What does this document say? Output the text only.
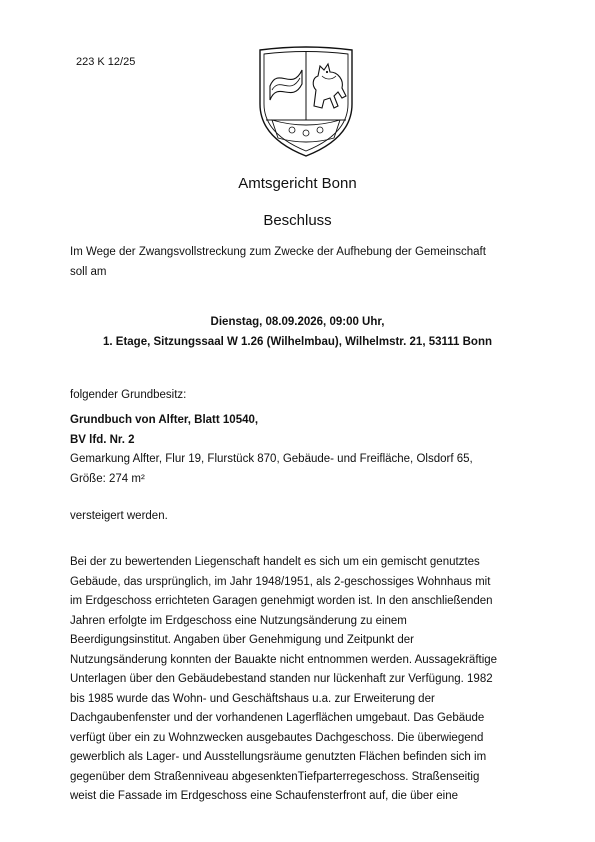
223 K 12/25
Amtsgericht Bonn
Beschluss
Im Wege der Zwangsvollstreckung zum Zwecke der Aufhebung der Gemeinschaft
soll am
Dienstag, 08.09.2026, 09:00 Uhr,
1. Etage, Sitzungssaal W 1.26 (Wilhelmbau), Wilhelmstr. 21, 53111 Bonn
folgender Grundbesitz:
Grundbuch von Alfter, Blatt 10540,
BV lfd. Nr. 2
Gemarkung Alfter, Flur 19, Flurstück 870, Gebäude- und Freifläche, Olsdorf 65,
Größe: 274 m²
versteigert werden.
Bei der zu bewertenden Liegenschaft handelt es sich um ein gemischt genutztes
Gebäude, das ursprünglich, im Jahr 1948/1951, als 2-geschossiges Wohnhaus mit
im Erdgeschoss errichteten Garagen genehmigt worden ist. In den anschließenden
Jahren erfolgte im Erdgeschoss eine Nutzungsänderung zu einem
Beerdigungsinstitut. Angaben über Genehmigung und Zeitpunkt der
Nutzungsänderung konnten der Bauakte nicht entnommen werden. Aussagekräftige
Unterlagen über den Gebäudebestand standen nur lückenhaft zur Verfügung. 1982
bis 1985 wurde das Wohn- und Geschäftshaus u.a. zur Erweiterung der
Dachgaubenfenster und der vorhandenen Lagerflächen umgebaut. Das Gebäude
verfügt über ein zu Wohnzwecken ausgebautes Dachgeschoss. Die überwiegend
gewerblich als Lager- und Ausstellungsräume genutzten Flächen befinden sich im
gegenüber dem Straßenniveau abgesenktenTiefparterregeschoss. Straßenseitig
weist die Fassade im Erdgeschoss eine Schaufensterfront auf, die über eine
